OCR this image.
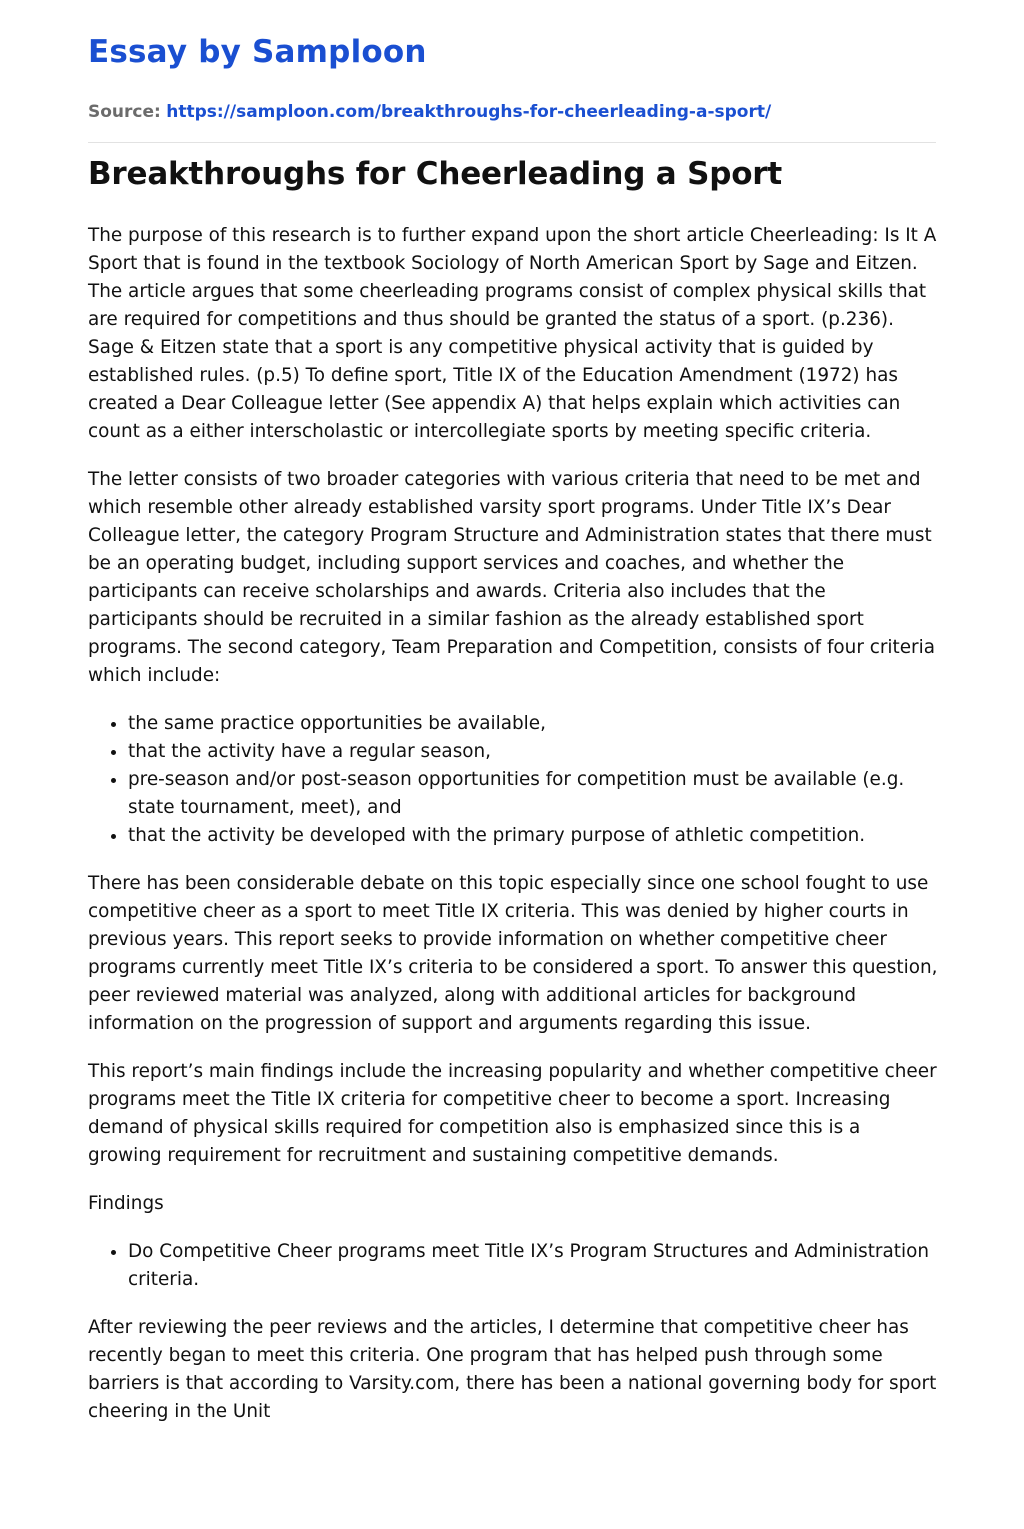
Essay by Samploon
Source: https://samploon.com/breakthroughs-for-cheerleading-a-sport/
Breakthroughs for Cheerleading a Sport

The purpose of this research is to further expand upon the short article Cheerleading: Is It A Sport that is found in the textbook Sociology of North American Sport by Sage and Eitzen. The article argues that some cheerleading programs consist of complex physical skills that are required for competitions and thus should be granted the status of a sport. (p.236). Sage & Eitzen state that a sport is any competitive physical activity that is guided by established rules. (p.5) To define sport, Title IX of the Education Amendment (1972) has created a Dear Colleague letter (See appendix A) that helps explain which activities can count as a either interscholastic or intercollegiate sports by meeting specific criteria.

The letter consists of two broader categories with various criteria that need to be met and which resemble other already established varsity sport programs. Under Title IX’s Dear Colleague letter, the category Program Structure and Administration states that there must be an operating budget, including support services and coaches, and whether the participants can receive scholarships and awards. Criteria also includes that the participants should be recruited in a similar fashion as the already established sport programs. The second category, Team Preparation and Competition, consists of four criteria which include:

• the same practice opportunities be available,
• that the activity have a regular season,
• pre-season and/or post-season opportunities for competition must be available (e.g. state tournament, meet), and
• that the activity be developed with the primary purpose of athletic competition.

There has been considerable debate on this topic especially since one school fought to use competitive cheer as a sport to meet Title IX criteria. This was denied by higher courts in previous years. This report seeks to provide information on whether competitive cheer programs currently meet Title IX’s criteria to be considered a sport. To answer this question, peer reviewed material was analyzed, along with additional articles for background information on the progression of support and arguments regarding this issue.

This report’s main findings include the increasing popularity and whether competitive cheer programs meet the Title IX criteria for competitive cheer to become a sport. Increasing demand of physical skills required for competition also is emphasized since this is a growing requirement for recruitment and sustaining competitive demands.

Findings

• Do Competitive Cheer programs meet Title IX’s Program Structures and Administration criteria.

After reviewing the peer reviews and the articles, I determine that competitive cheer has recently began to meet this criteria. One program that has helped push through some barriers is that according to Varsity.com, there has been a national governing body for sport cheering in the Unit
